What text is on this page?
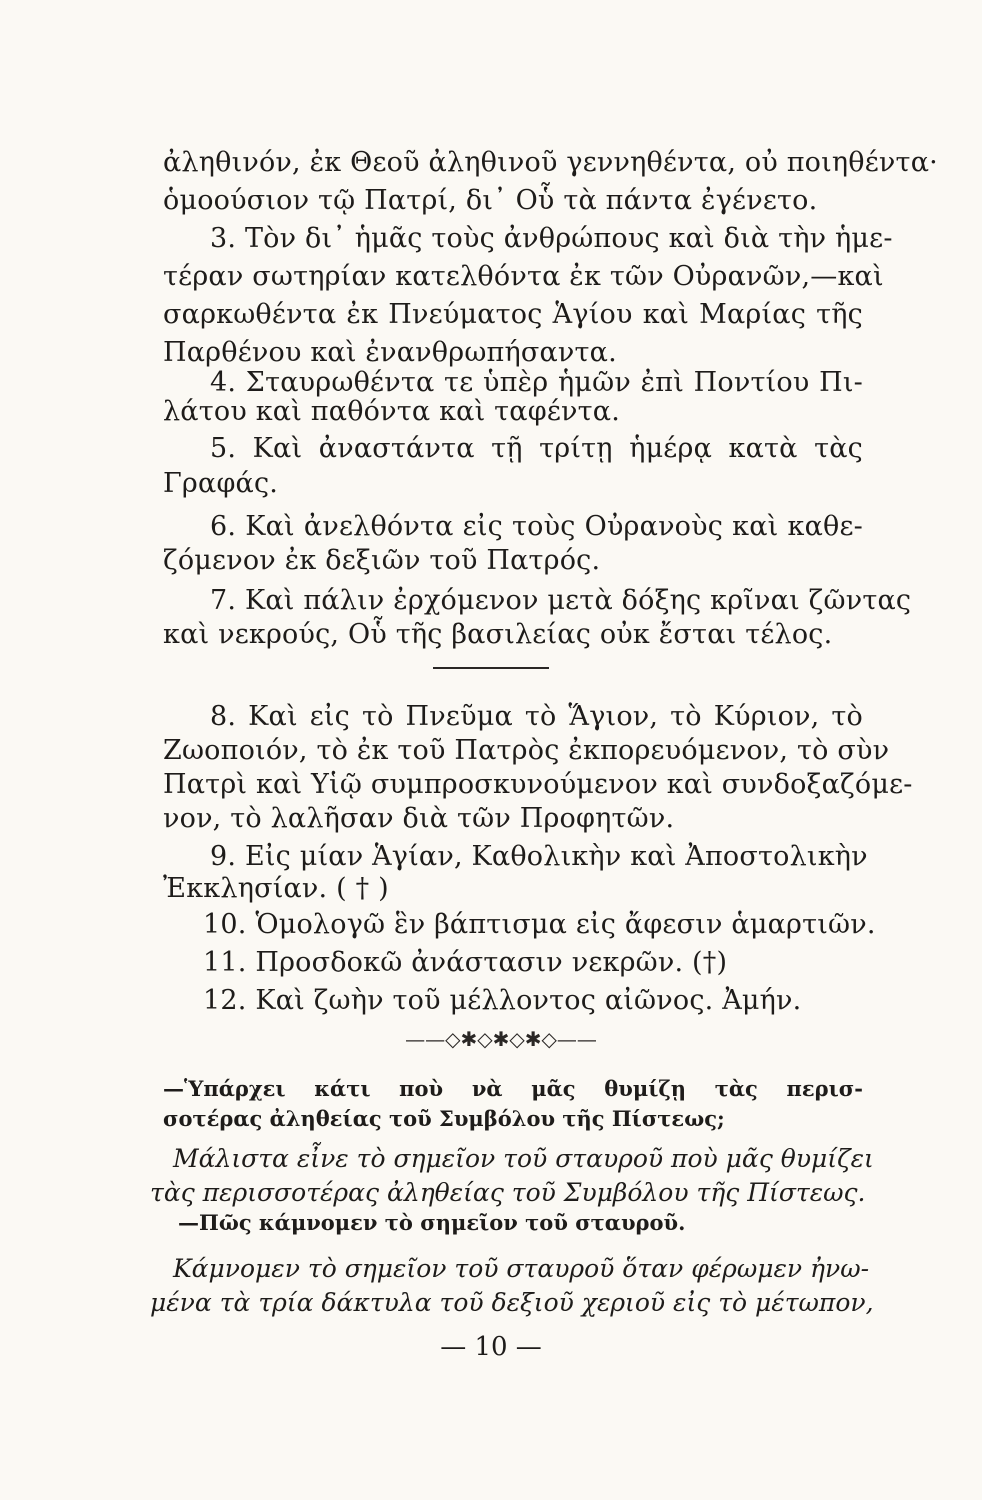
ἀληθινόν, ἐκ Θεοῦ ἀληθινοῦ γεννηθέντα, οὐ ποιηθέντα·
ὁμοούσιον τῷ Πατρί, δι᾽ Οὗ τὰ πάντα ἐγένετο.
3. Τὸν δι᾽ ἡμᾶς τοὺς ἀνθρώπους καὶ διὰ τὴν ἡμε-
τέραν σωτηρίαν κατελθόντα ἐκ τῶν Οὐρανῶν,—καὶ
σαρκωθέντα ἐκ Πνεύματος Ἁγίου καὶ Μαρίας τῆς
Παρθένου καὶ ἐνανθρωπήσαντα.
4. Σταυρωθέντα τε ὑπὲρ ἡμῶν ἐπὶ Ποντίου Πι-
λάτου καὶ παθόντα καὶ ταφέντα.
5. Καὶ ἀναστάντα τῇ τρίτῃ ἡμέρᾳ κατὰ τὰς
Γραφάς.
6. Καὶ ἀνελθόντα εἰς τοὺς Οὐρανοὺς καὶ καθε-
ζόμενον ἐκ δεξιῶν τοῦ Πατρός.
7. Καὶ πάλιν ἐρχόμενον μετὰ δόξης κρῖναι ζῶντας
καὶ νεκρούς, Οὗ τῆς βασιλείας οὐκ ἔσται τέλος.
8. Καὶ εἰς τὸ Πνεῦμα τὸ Ἅγιον, τὸ Κύριον, τὸ
Ζωοποιόν, τὸ ἐκ τοῦ Πατρὸς ἐκπορευόμενον, τὸ σὺν
Πατρὶ καὶ Υἱῷ συμπροσκυνούμενον καὶ συνδοξαζόμε-
νον, τὸ λαλῆσαν διὰ τῶν Προφητῶν.
9. Εἰς μίαν Ἁγίαν, Καθολικὴν καὶ Ἀποστολικὴν
Ἐκκλησίαν. ( † )
10. Ὁμολογῶ ἓν βάπτισμα εἰς ἄφεσιν ἁμαρτιῶν.
11. Προσδοκῶ ἀνάστασιν νεκρῶν. (†)
12. Καὶ ζωὴν τοῦ μέλλοντος αἰῶνος. Ἀμήν.
——◇✱◇✱◇✱◇——
—Ὑπάρχει κάτι ποὺ νὰ μᾶς θυμίζῃ τὰς περισ-
σοτέρας ἀληθείας τοῦ Συμβόλου τῆς Πίστεως;
Μάλιστα εἶνε τὸ σημεῖον τοῦ σταυροῦ ποὺ μᾶς θυμίζει
τὰς περισσοτέρας ἀληθείας τοῦ Συμβόλου τῆς Πίστεως.
—Πῶς κάμνομεν τὸ σημεῖον τοῦ σταυροῦ.
Κάμνομεν τὸ σημεῖον τοῦ σταυροῦ ὅταν φέρωμεν ἠνω-
μένα τὰ τρία δάκτυλα τοῦ δεξιοῦ χεριοῦ εἰς τὸ μέτωπον,
— 10 —
